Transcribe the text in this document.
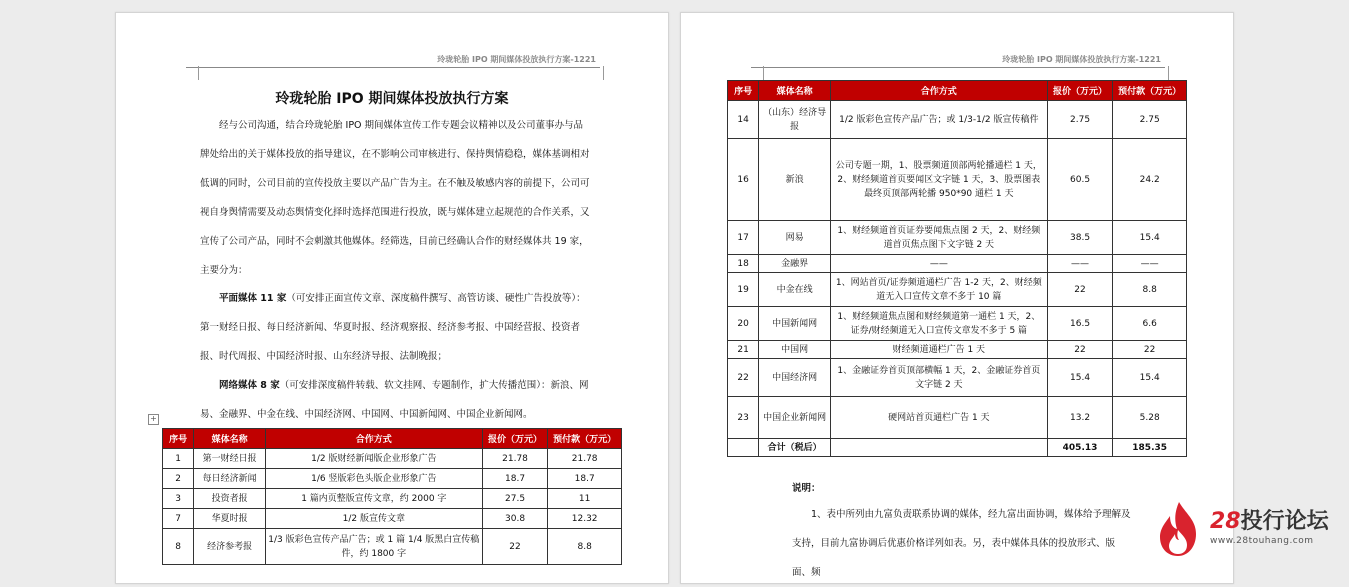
玲珑轮胎 IPO 期间媒体投放执行方案-1221
玲珑轮胎 IPO 期间媒体投放执行方案
经与公司沟通，结合玲珑轮胎 IPO 期间媒体宣传工作专题会议精神以及公司董事办与品牌处给出的关于媒体投放的指导建议，在不影响公司审核进行、保持舆情稳稳，媒体基调相对低调的同时，公司目前的宣传投放主要以产品广告为主。在不触及敏感内容的前提下，公司可视自身舆情需要及动态舆情变化择时选择范围进行投放，既与媒体建立起规范的合作关系，又宣传了公司产品，同时不会刺激其他媒体。经筛选，目前已经确认合作的财经媒体共 19 家，主要分为：
平面媒体 11 家（可安排正面宣传文章、深度稿件撰写、高管访谈、硬性广告投放等）：第一财经日报、每日经济新闻、华夏时报、经济观察报、经济参考报、中国经营报、投资者报、时代周报、中国经济时报、山东经济导报、法制晚报；
网络媒体 8 家（可安排深度稿件转载、软文挂网、专题制作，扩大传播范围）：新浪、网易、金融界、中金在线、中国经济网、中国网、中国新闻网、中国企业新闻网。
+
序号	媒体名称	合作方式	报价（万元）	预付款（万元）
1	第一财经日报	1/2 版财经新闻版企业形象广告	21.78	21.78
2	每日经济新闻	1/6 竖版彩色头版企业形象广告	18.7	18.7
3	投资者报	1 篇内页整版宣传文章，约 2000 字	27.5	11
7	华夏时报	1/2 版宣传文章	30.8	12.32
8	经济参考报	1/3 版彩色宣传产品广告；或 1 篇 1/4 版黑白宣传稿件，约 1800 字	22	8.8
玲珑轮胎 IPO 期间媒体投放执行方案-1221
序号	媒体名称	合作方式	报价（万元）	预付款（万元）
14	（山东）经济导报	1/2 版彩色宣传产品广告；或 1/3-1/2 版宣传稿件	2.75	2.75
16	新浪	公司专题一期，1、股票频道顶部两轮播通栏 1 天，2、财经频道首页要闻区文字链 1 天，3、股票图表最终页顶部两轮播 950*90 通栏 1 天	60.5	24.2
17	网易	1、财经频道首页证券要闻焦点图 2 天，2、财经频道首页焦点图下文字链 2 天	38.5	15.4
18	金融界	——	——	——
19	中金在线	1、网站首页/证券频道通栏广告 1-2 天，2、财经频道无入口宣传文章不多于 10 篇	22	8.8
20	中国新闻网	1、财经频道焦点图和财经频道第一通栏 1 天，2、证券/财经频道无入口宣传文章发不多于 5 篇	16.5	6.6
21	中国网	财经频道通栏广告 1 天	22	22
22	中国经济网	1、金融证券首页顶部横幅 1 天，2、金融证券首页文字链 2 天	15.4	15.4
23	中国企业新闻网	硬网站首页通栏广告 1 天	13.2	5.28
	合计（税后）		405.13	185.35
说明：
1、表中所列由九富负责联系协调的媒体，经九富出面协调，媒体给予理解及支持，目前九富协调后优惠价格详列如表。另，表中媒体具体的投放形式、版面、频
28投行论坛
www.28touhang.com
